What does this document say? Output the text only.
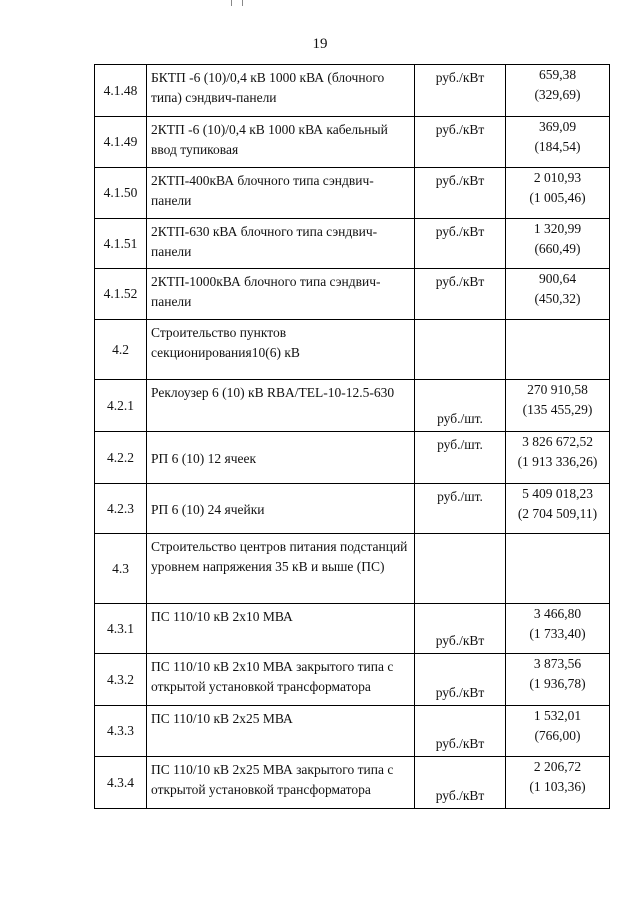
19
4.1.48	БКТП -6 (10)/0,4 кВ 1000 кВА (блочного типа) сэндвич-панели	руб./кВт	659,38
(329,69)

4.1.49	2КТП -6 (10)/0,4 кВ 1000 кВА кабельный ввод тупиковая	руб./кВт	369,09
(184,54)

4.1.50	2КТП-400кВА блочного типа сэндвич-панели	руб./кВт	2 010,93
(1 005,46)

4.1.51	2КТП-630 кВА блочного типа сэндвич-панели	руб./кВт	1 320,99
(660,49)

4.1.52	2КТП-1000кВА блочного типа сэндвич-панели	руб./кВт	900,64
(450,32)

4.2	Строительство пунктов секционирования10(6) кВ		

4.2.1	Реклоузер 6 (10) кВ RBA/TEL-10-12.5-630	руб./шт.	270 910,58
(135 455,29)

4.2.2	РП 6 (10) 12 ячеек	руб./шт.	3 826 672,52
(1 913 336,26)

4.2.3	РП 6 (10) 24 ячейки	руб./шт.	5 409 018,23
(2 704 509,11)

4.3	Строительство центров питания подстанций уровнем напряжения 35 кВ и выше (ПС)		

4.3.1	ПС 110/10 кВ 2х10 МВА	руб./кВт	3 466,80
(1 733,40)

4.3.2	ПС 110/10 кВ 2х10 МВА закрытого типа с открытой установкой трансформатора	руб./кВт	3 873,56
(1 936,78)

4.3.3	ПС 110/10 кВ 2х25 МВА	руб./кВт	1 532,01
(766,00)

4.3.4	ПС 110/10 кВ 2х25 МВА закрытого типа с открытой установкой трансформатора	руб./кВт	2 206,72
(1 103,36)
